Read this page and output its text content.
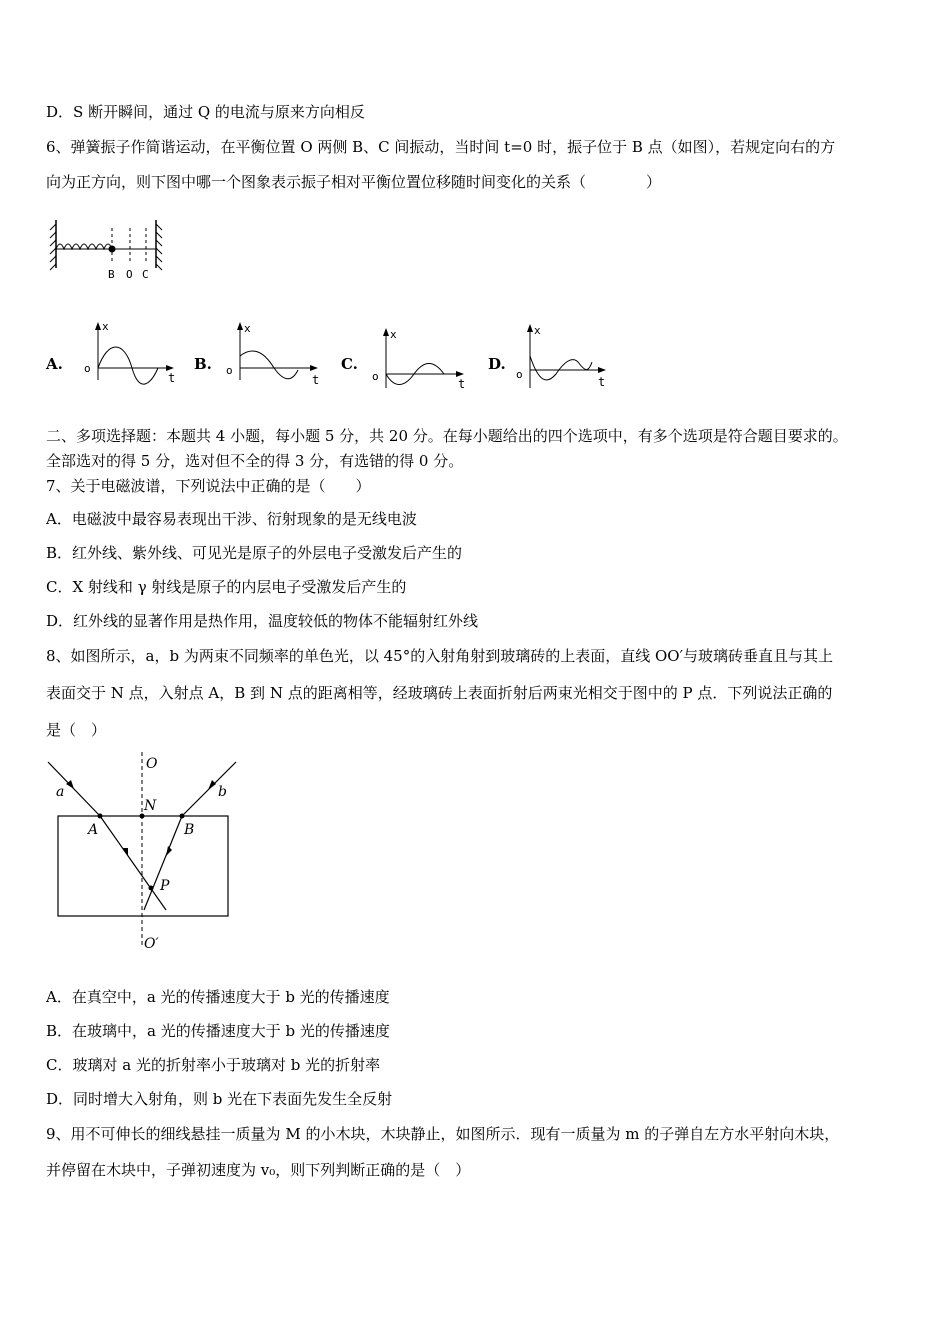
D．S 断开瞬间，通过 Q 的电流与原来方向相反
6、弹簧振子作简谐运动，在平衡位置 O 两侧 B、C 间振动，当时间 t=0 时，振子位于 B 点（如图），若规定向右的方
向为正方向，则下图中哪一个图象表示振子相对平衡位置位移随时间变化的关系（　　　　）
B O C
A.
x
t
o	B.
x
t
o	C.
x
t
o
D.
x
t
o
二、多项选择题：本题共 4 小题，每小题 5 分，共 20 分。在每小题给出的四个选项中，有多个选项是符合题目要求的。
全部选对的得 5 分，选对但不全的得 3 分，有选错的得 0 分。
7、关于电磁波谱，下列说法中正确的是（　　）
A．电磁波中最容易表现出干涉、衍射现象的是无线电波
B．红外线、紫外线、可见光是原子的外层电子受激发后产生的
C．X 射线和 γ 射线是原子的内层电子受激发后产生的
D．红外线的显著作用是热作用，温度较低的物体不能辐射红外线
8、如图所示，a，b 为两束不同频率的单色光，以 45°的入射角射到玻璃砖的上表面，直线 OO′与玻璃砖垂直且与其上
表面交于 N 点，入射点 A，B 到 N 点的距离相等，经玻璃砖上表面折射后两束光相交于图中的 P 点．下列说法正确的
是（　）
O
N
a	b
A	B
P
O′
A．在真空中，a 光的传播速度大于 b 光的传播速度
B．在玻璃中，a 光的传播速度大于 b 光的传播速度
C．玻璃对 a 光的折射率小于玻璃对 b 光的折射率
D．同时增大入射角，则 b 光在下表面先发生全反射
9、用不可伸长的细线悬挂一质量为 M 的小木块，木块静止，如图所示．现有一质量为 m 的子弹自左方水平射向木块，
并停留在木块中，子弹初速度为 v₀，则下列判断正确的是（　）
